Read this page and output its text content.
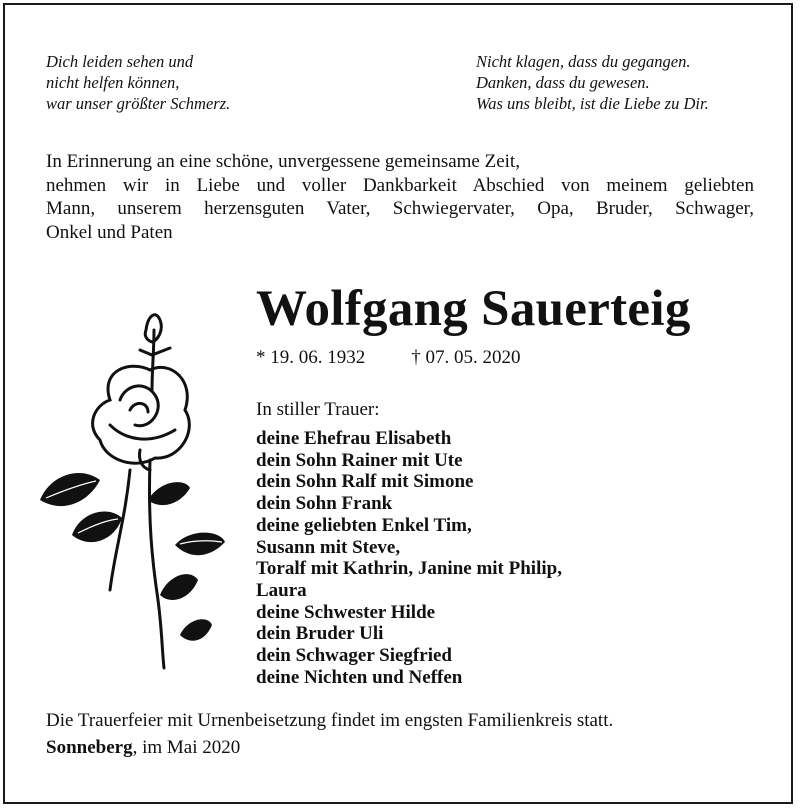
Dich leiden sehen und
nicht helfen können,
war unser größter Schmerz.
Nicht klagen, dass du gegangen.
Danken, dass du gewesen.
Was uns bleibt, ist die Liebe zu Dir.
In Erinnerung an eine schöne, unvergessene gemeinsame Zeit,
nehmen wir in Liebe und voller Dankbarkeit Abschied von meinem geliebten
Mann, unserem herzensguten Vater, Schwiegervater, Opa, Bruder, Schwager,
Onkel und Paten
Wolfgang Sauerteig
* 19. 06. 1932 † 07. 05. 2020
In stiller Trauer:
deine Ehefrau Elisabeth
dein Sohn Rainer mit Ute
dein Sohn Ralf mit Simone
dein Sohn Frank
deine geliebten Enkel Tim,
Susann mit Steve,
Toralf mit Kathrin, Janine mit Philip,
Laura
deine Schwester Hilde
dein Bruder Uli
dein Schwager Siegfried
deine Nichten und Neffen
Die Trauerfeier mit Urnenbeisetzung findet im engsten Familienkreis statt.
Sonneberg, im Mai 2020
